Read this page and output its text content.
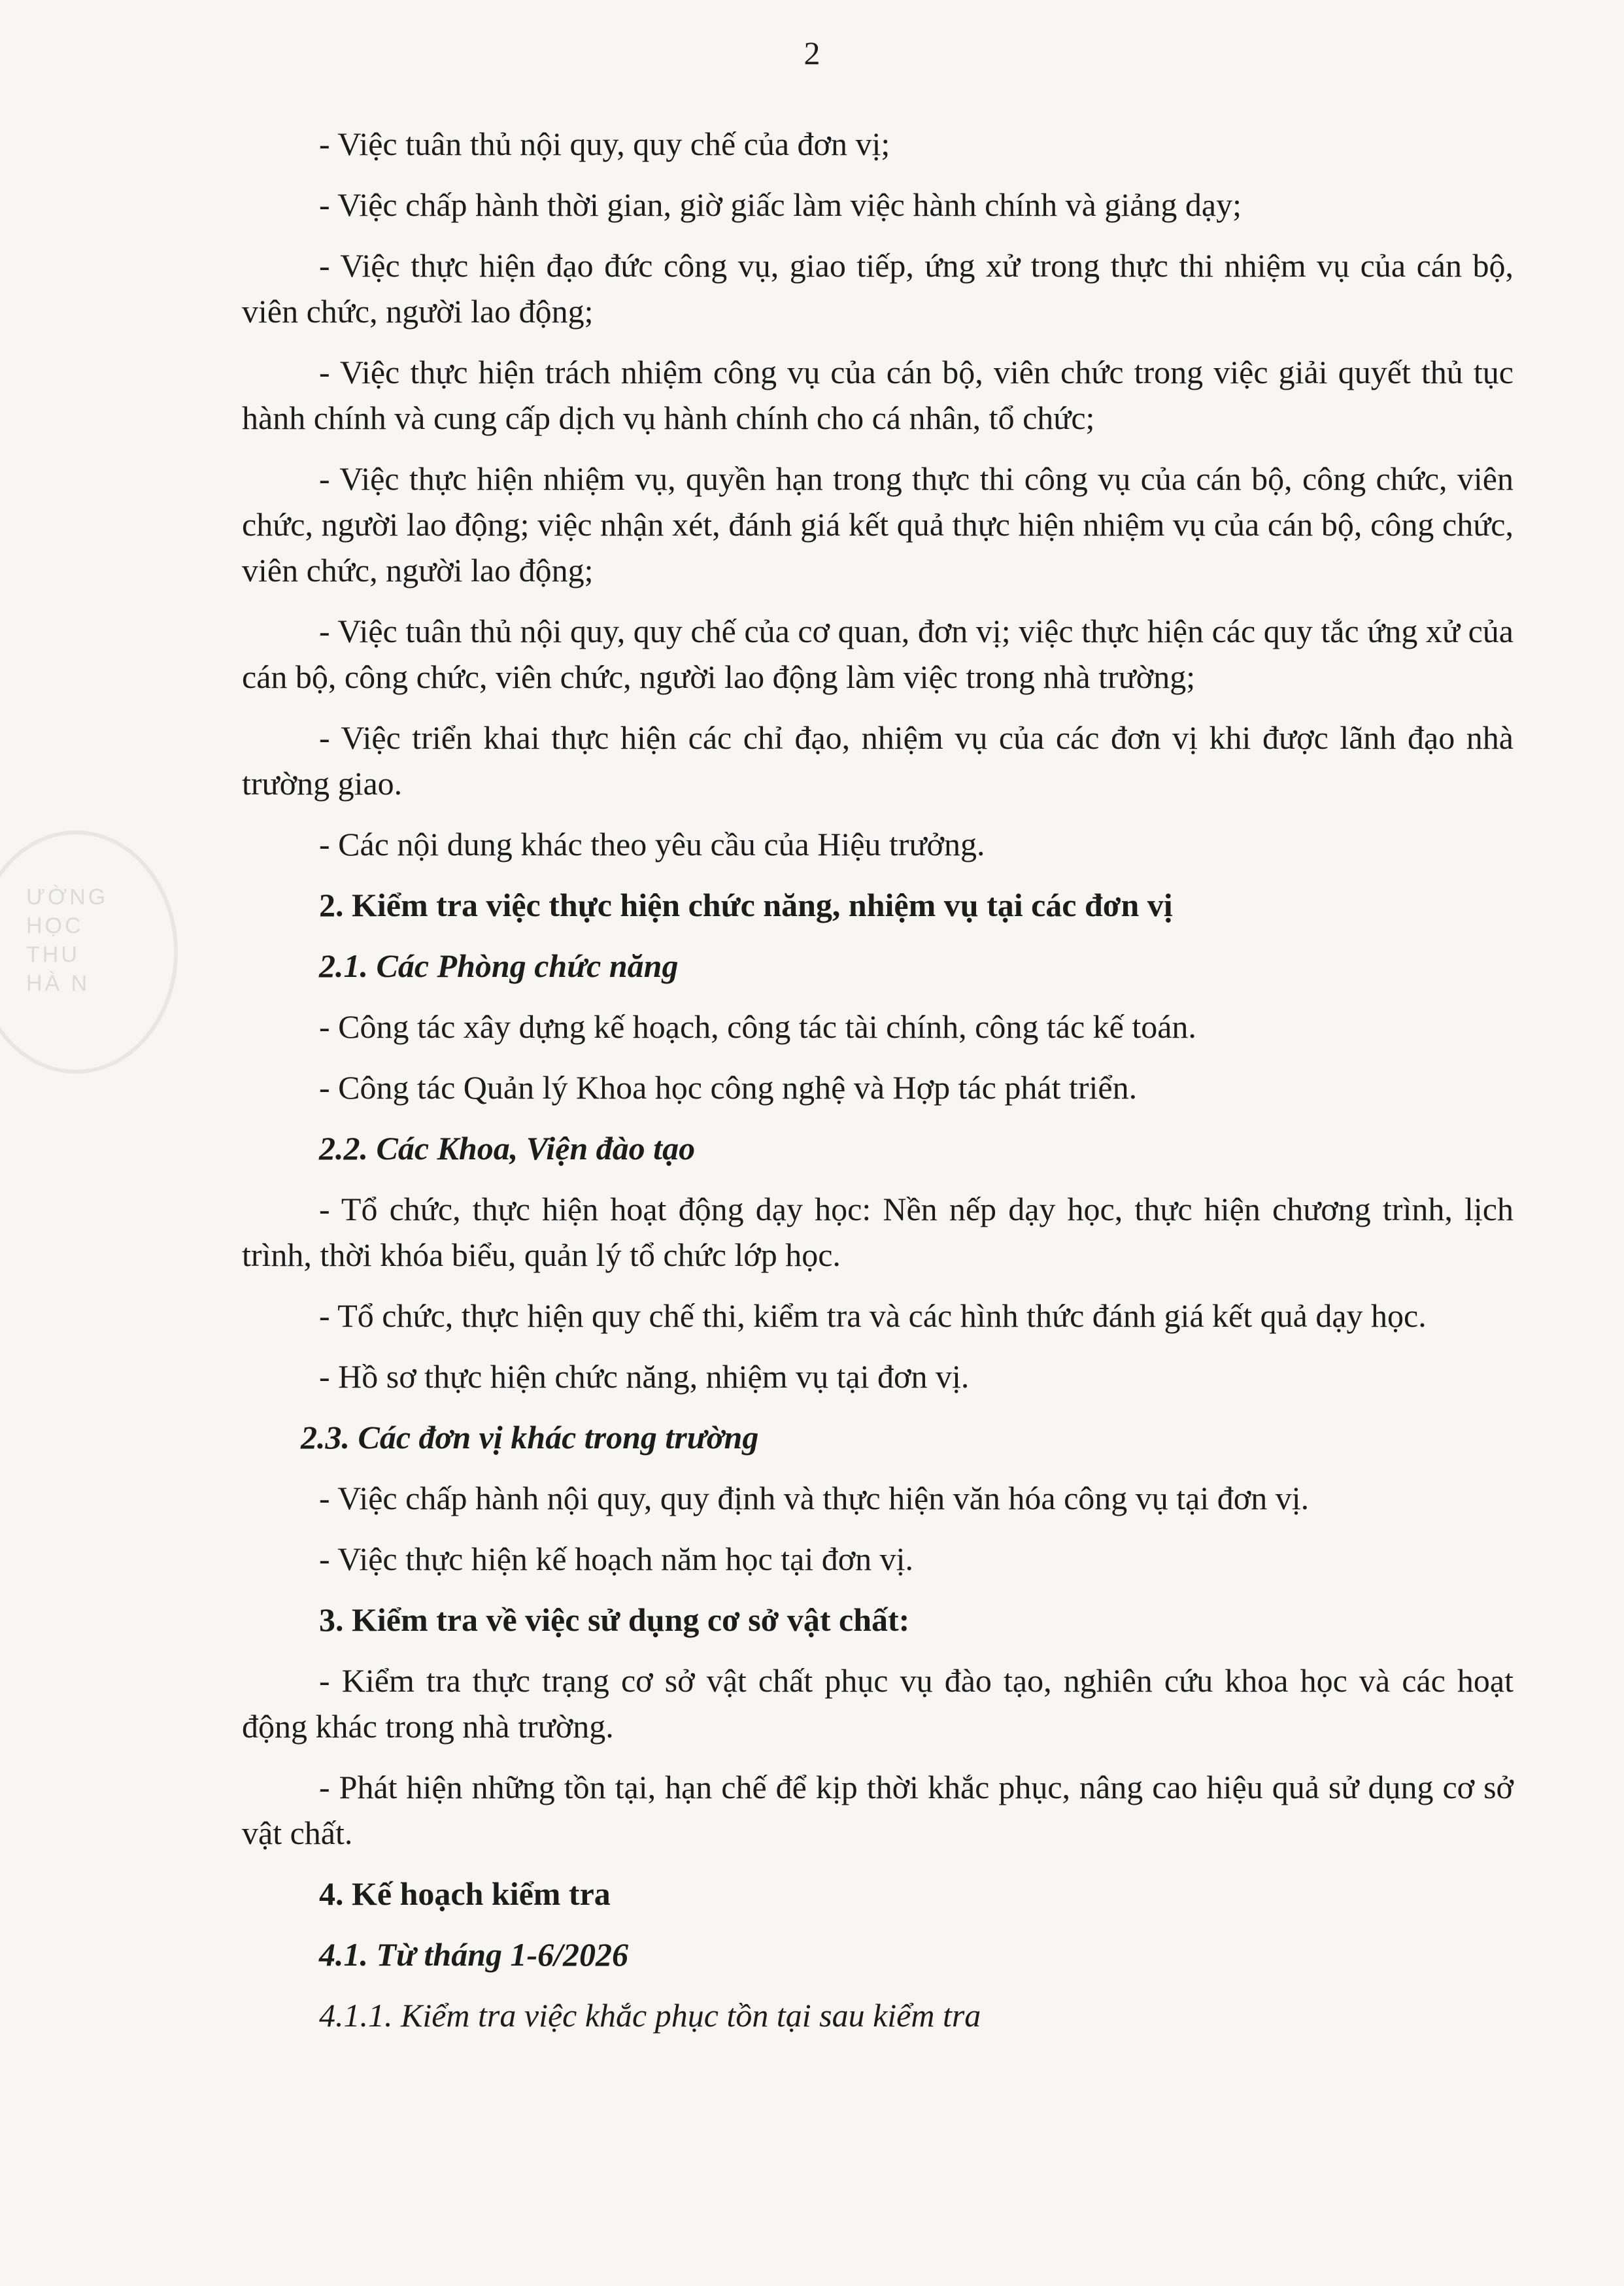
ƯỜNG
HỌC
THU
HÀ N
2

- Việc tuân thủ nội quy, quy chế của đơn vị;

- Việc chấp hành thời gian, giờ giấc làm việc hành chính và giảng dạy;

- Việc thực hiện đạo đức công vụ, giao tiếp, ứng xử trong thực thi nhiệm vụ của cán bộ, viên chức, người lao động;

- Việc thực hiện trách nhiệm công vụ của cán bộ, viên chức trong việc giải quyết thủ tục hành chính và cung cấp dịch vụ hành chính cho cá nhân, tổ chức;

- Việc thực hiện nhiệm vụ, quyền hạn trong thực thi công vụ của cán bộ, công chức, viên chức, người lao động; việc nhận xét, đánh giá kết quả thực hiện nhiệm vụ của cán bộ, công chức, viên chức, người lao động;

- Việc tuân thủ nội quy, quy chế của cơ quan, đơn vị; việc thực hiện các quy tắc ứng xử của cán bộ, công chức, viên chức, người lao động làm việc trong nhà trường;

- Việc triển khai thực hiện các chỉ đạo, nhiệm vụ của các đơn vị khi được lãnh đạo nhà trường giao.

- Các nội dung khác theo yêu cầu của Hiệu trưởng.

2. Kiểm tra việc thực hiện chức năng, nhiệm vụ tại các đơn vị

2.1. Các Phòng chức năng

- Công tác xây dựng kế hoạch, công tác tài chính, công tác kế toán.

- Công tác Quản lý Khoa học công nghệ và Hợp tác phát triển.

2.2. Các Khoa, Viện đào tạo

- Tổ chức, thực hiện hoạt động dạy học: Nền nếp dạy học, thực hiện chương trình, lịch trình, thời khóa biểu, quản lý tổ chức lớp học.

- Tổ chức, thực hiện quy chế thi, kiểm tra và các hình thức đánh giá kết quả dạy học.

- Hồ sơ thực hiện chức năng, nhiệm vụ tại đơn vị.

2.3. Các đơn vị khác trong trường

- Việc chấp hành nội quy, quy định và thực hiện văn hóa công vụ tại đơn vị.

- Việc thực hiện kế hoạch năm học tại đơn vị.

3. Kiểm tra về việc sử dụng cơ sở vật chất:

- Kiểm tra thực trạng cơ sở vật chất phục vụ đào tạo, nghiên cứu khoa học và các hoạt động khác trong nhà trường.

- Phát hiện những tồn tại, hạn chế để kịp thời khắc phục, nâng cao hiệu quả sử dụng cơ sở vật chất.

4. Kế hoạch kiểm tra

4.1. Từ tháng 1-6/2026

4.1.1. Kiểm tra việc khắc phục tồn tại sau kiểm tra
